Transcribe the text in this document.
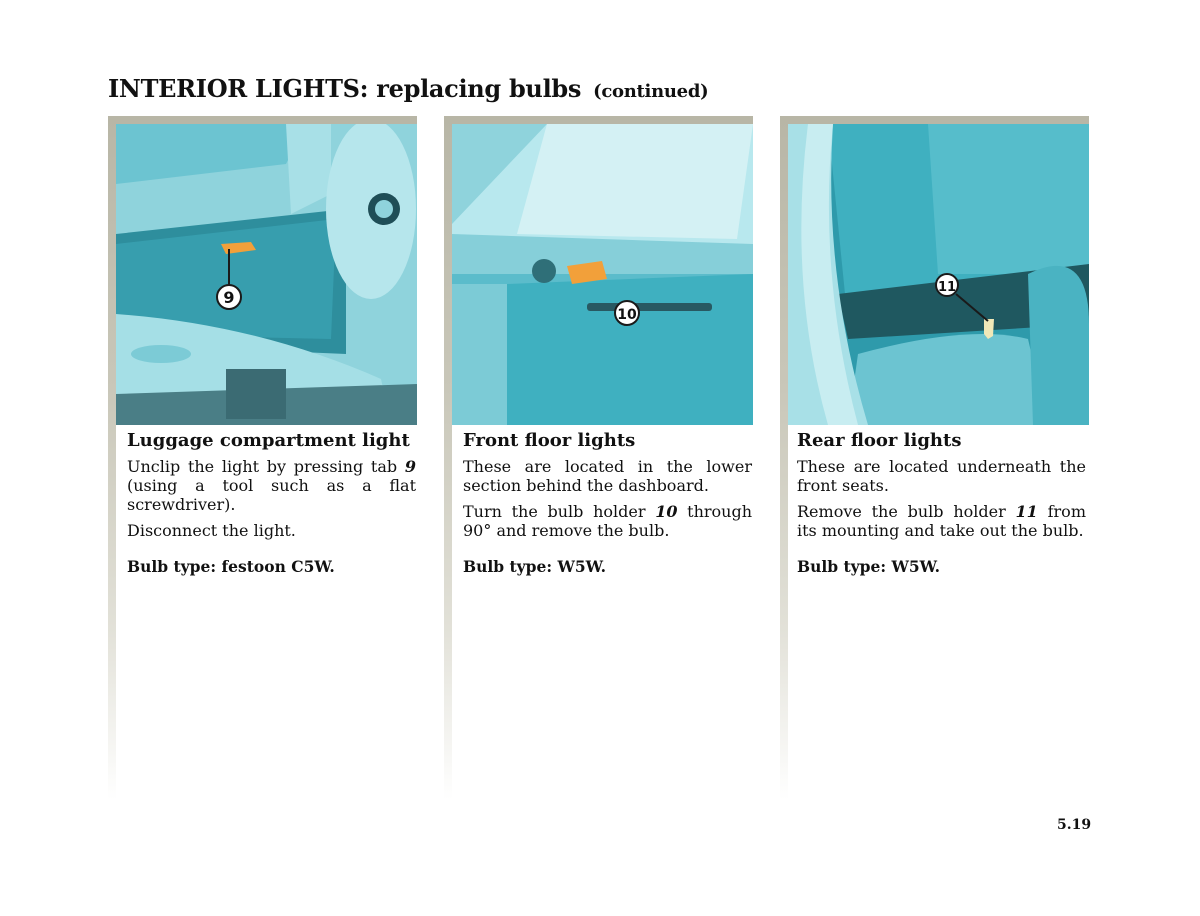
INTERIOR LIGHTS: replacing bulbs (continued)
9
Luggage compartment light

Unclip the light by pressing tab 9 (using a tool such as a flat screwdriver).

Disconnect the light.

Bulb type: festoon C5W.
10
Front floor lights

These are located in the lower section behind the dashboard.

Turn the bulb holder 10 through 90° and remove the bulb.

Bulb type: W5W.
11
Rear floor lights

These are located underneath the front seats.

Remove the bulb holder 11 from its mounting and take out the bulb.

Bulb type: W5W.
5.19
